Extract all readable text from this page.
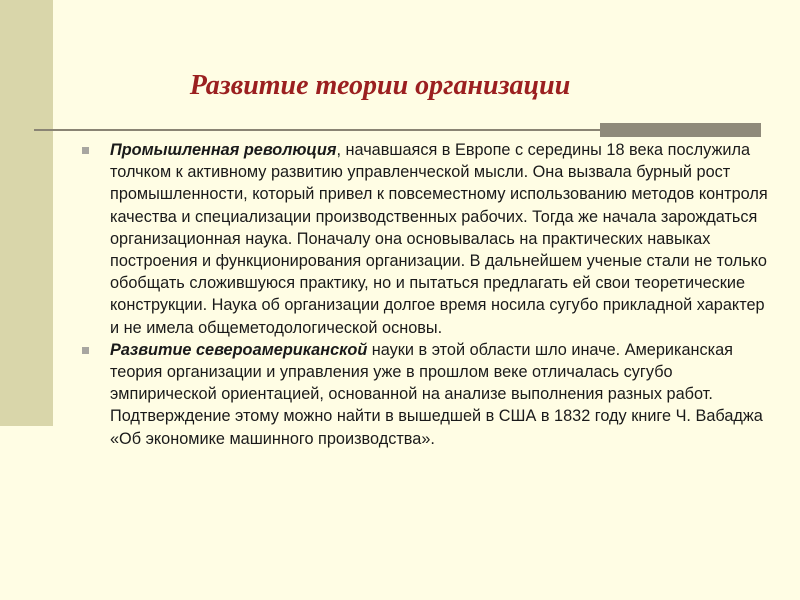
Развитие теории организации
Промышленная революция, начавшаяся в Европе с середины 18 века послужила толчком к активному развитию управленческой мысли. Она вызвала бурный рост промышленности, который привел к повсеместному использованию методов контроля качества и специализации производственных рабочих. Тогда же начала зарождаться организационная наука. Поначалу она основывалась на практических навыках построения и функционирования организации. В дальнейшем ученые стали не только обобщать сложившуюся практику, но и пытаться предлагать ей свои теоретические конструкции. Наука об организации долгое время носила сугубо прикладной характер и не имела общеметодологической основы.
Развитие североамериканской науки в этой области шло иначе. Американская теория организации и управления уже в прошлом веке отличалась сугубо эмпирической ориентацией, основанной на анализе выполнения разных работ. Подтверждение этому можно найти в вышедшей в США в 1832 году книге Ч. Вабаджа «Об экономике машинного производства».
